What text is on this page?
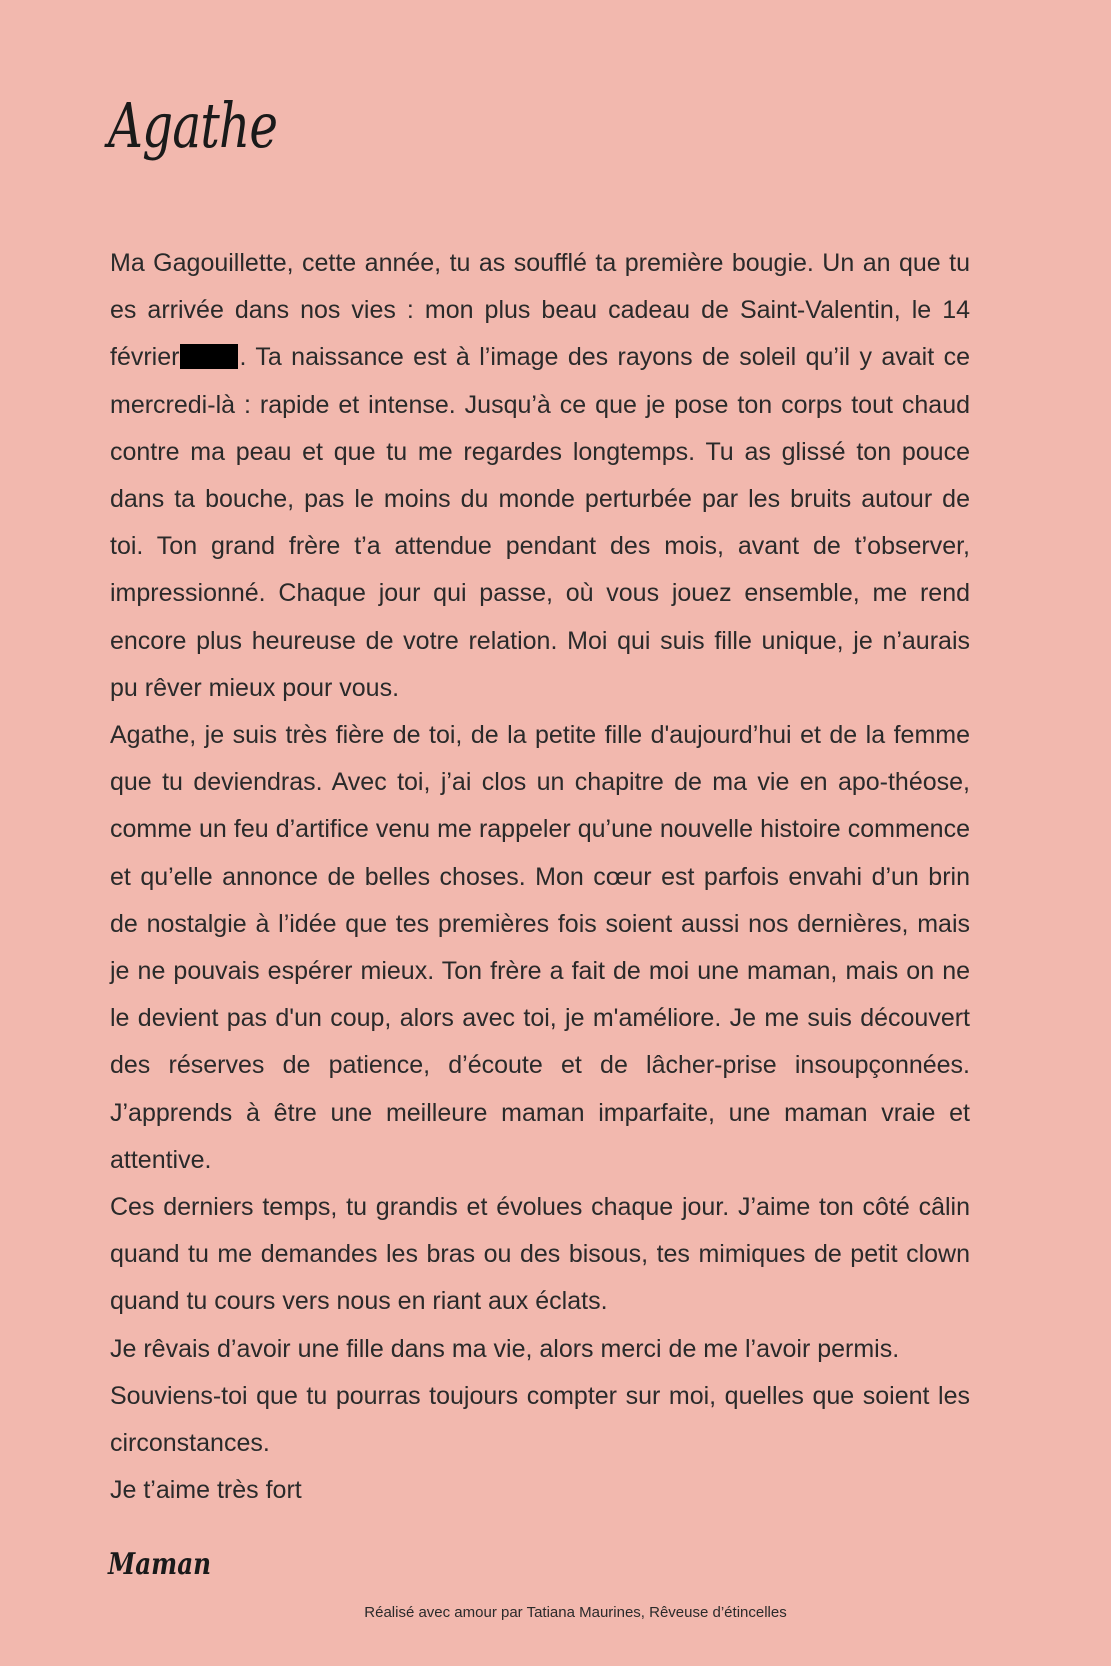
Agathe

Ma Gagouillette, cette année, tu as soufflé ta première bougie. Un an que tu es arrivée dans nos vies : mon plus beau cadeau de Saint-Valentin, le 14 février . Ta naissance est à l’image des rayons de soleil qu’il y avait ce mercredi-là : rapide et intense. Jusqu’à ce que je pose ton corps tout chaud contre ma peau et que tu me regardes longtemps. Tu as glissé ton pouce dans ta bouche, pas le moins du monde perturbée par les bruits autour de toi. Ton grand frère t’a attendue pendant des mois, avant de t’observer, impressionné. Chaque jour qui passe, où vous jouez ensemble, me rend encore plus heureuse de votre relation. Moi qui suis fille unique, je n’aurais pu rêver mieux pour vous.

Agathe, je suis très fière de toi, de la petite fille d'aujourd’hui et de la femme que tu deviendras. Avec toi, j’ai clos un chapitre de ma vie en apo-théose, comme un feu d’artifice venu me rappeler qu’une nouvelle histoire commence et qu’elle annonce de belles choses. Mon cœur est parfois envahi d’un brin de nostalgie à l’idée que tes premières fois soient aussi nos dernières, mais je ne pouvais espérer mieux. Ton frère a fait de moi une maman, mais on ne le devient pas d'un coup, alors avec toi, je m'améliore. Je me suis découvert des réserves de patience, d’écoute et de lâcher-prise insoupçonnées. J’apprends à être une meilleure maman imparfaite, une maman vraie et attentive.

Ces derniers temps, tu grandis et évolues chaque jour. J’aime ton côté câlin quand tu me demandes les bras ou des bisous, tes mimiques de petit clown quand tu cours vers nous en riant aux éclats.

Je rêvais d’avoir une fille dans ma vie, alors merci de me l’avoir permis.

Souviens-toi que tu pourras toujours compter sur moi, quelles que soient les circonstances.

Je t’aime très fort

Maman
Réalisé avec amour par Tatiana Maurines, Rêveuse d’étincelles
